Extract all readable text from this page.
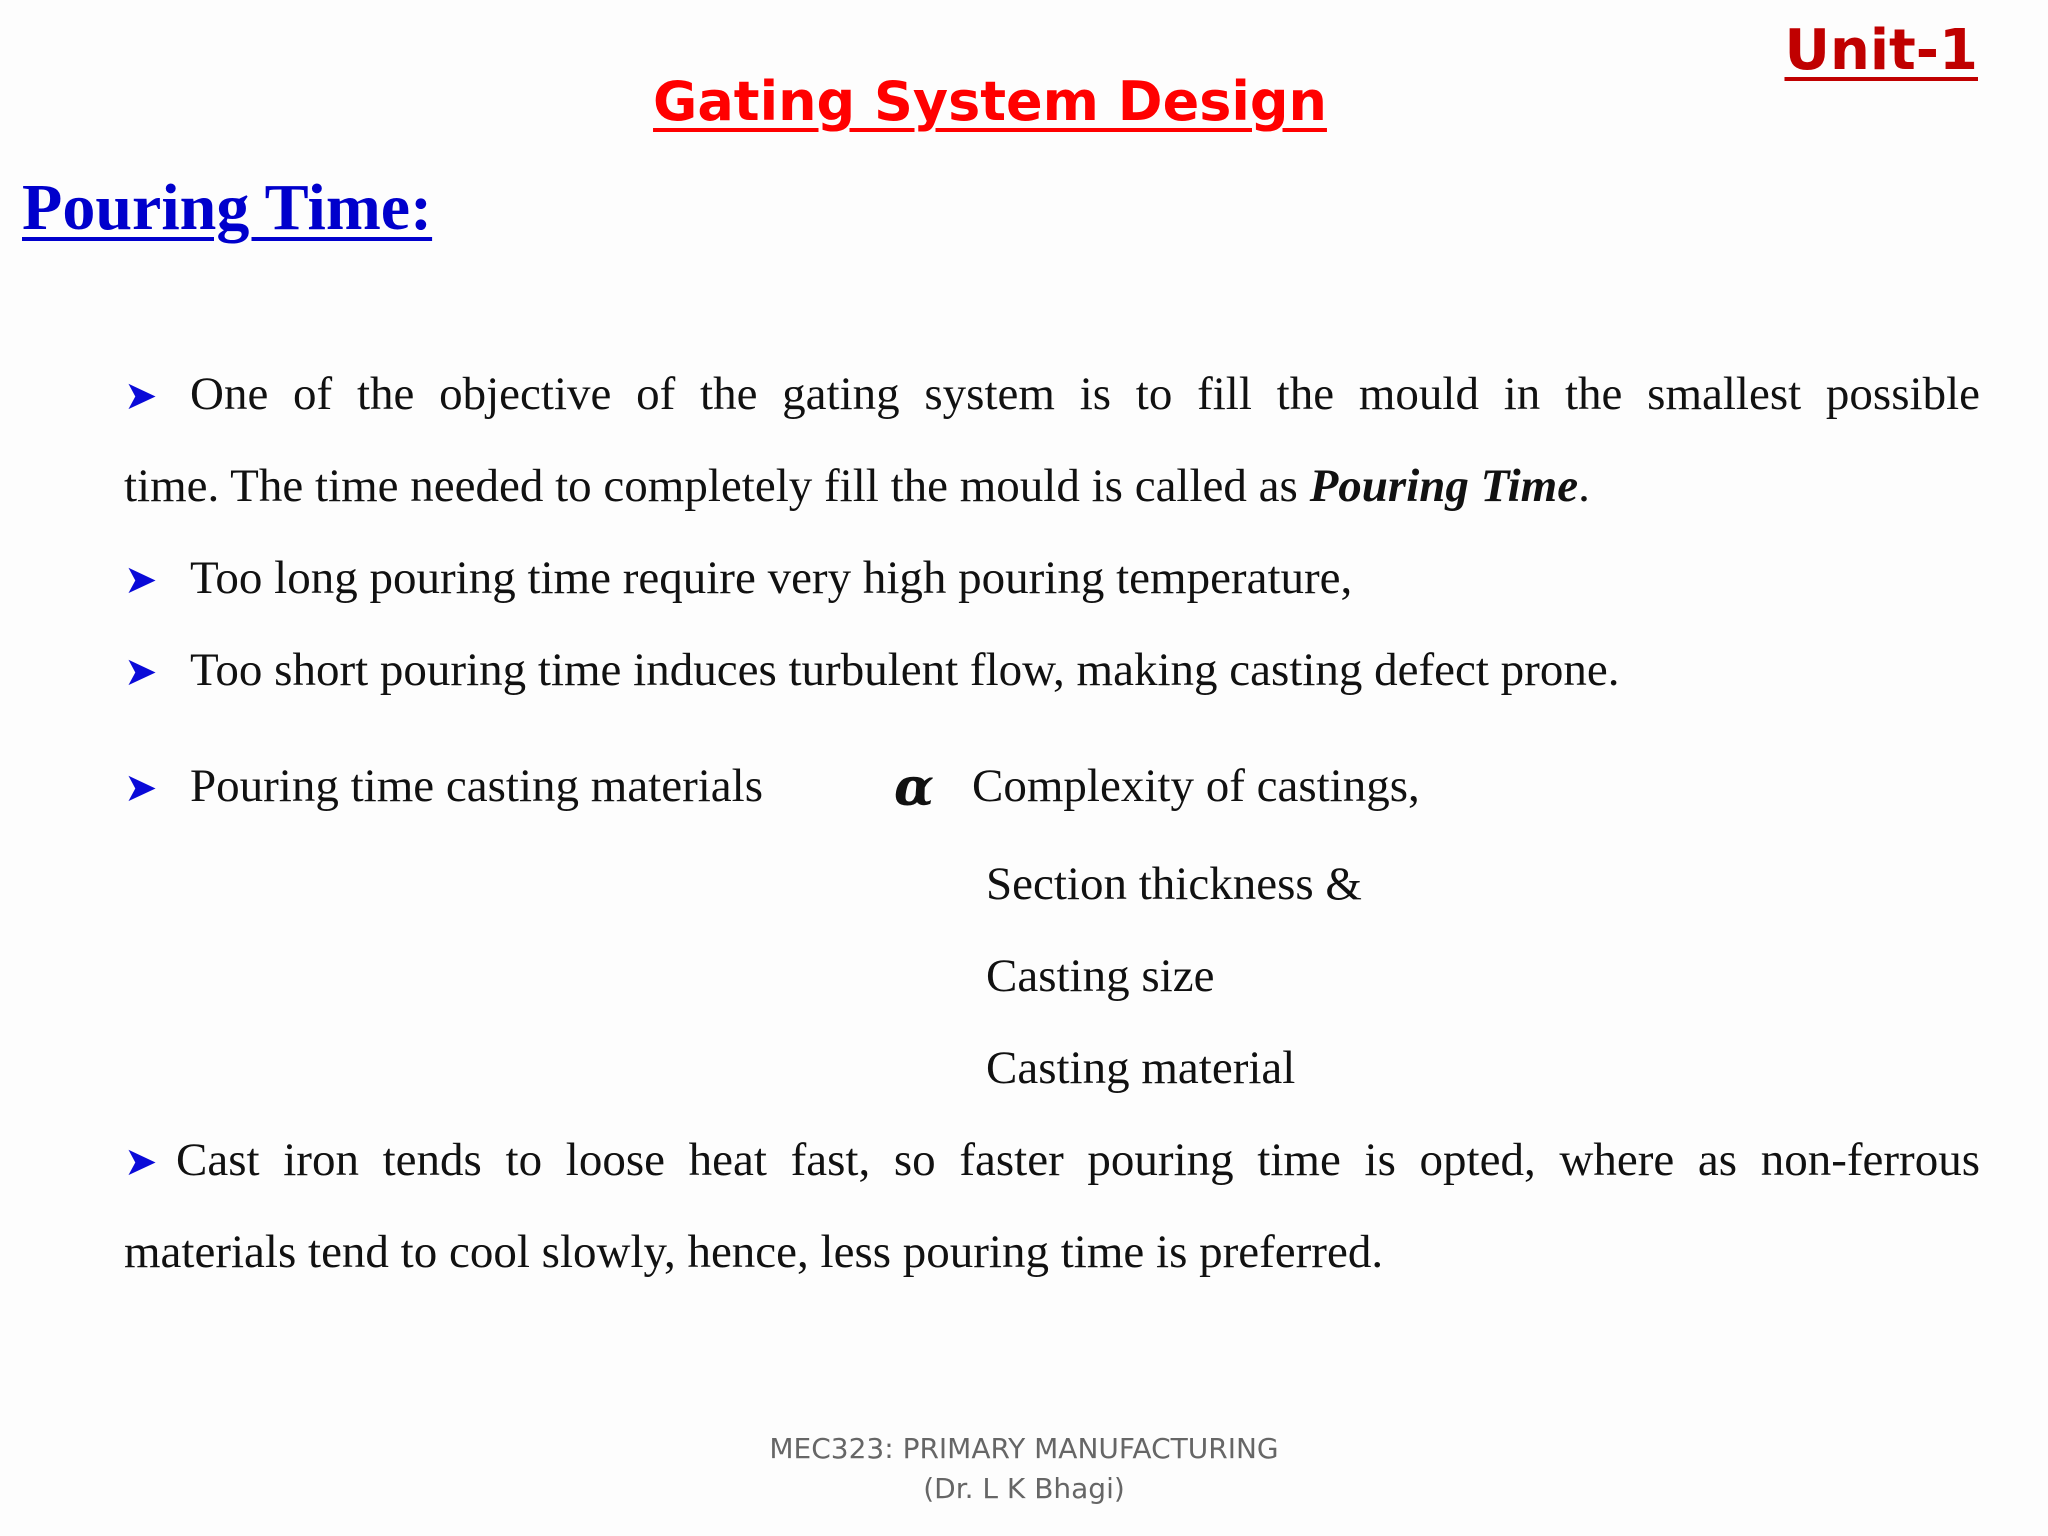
Unit-1
Gating System Design
Pouring Time:
➤ One of the objective of the gating system is to fill the mould in the smallest possible
time. The time needed to completely fill the mould is called as Pouring Time.
➤ Too long pouring time require very high pouring temperature,
➤ Too short pouring time induces turbulent flow, making casting defect prone.
➤ Pouring time casting materials	α Complexity of castings,
Section thickness &
Casting size
Casting material
➤ Cast iron tends to loose heat fast, so faster pouring time is opted, where as non-ferrous
materials tend to cool slowly, hence, less pouring time is preferred.
MEC323: PRIMARY MANUFACTURING
(Dr. L K Bhagi)
